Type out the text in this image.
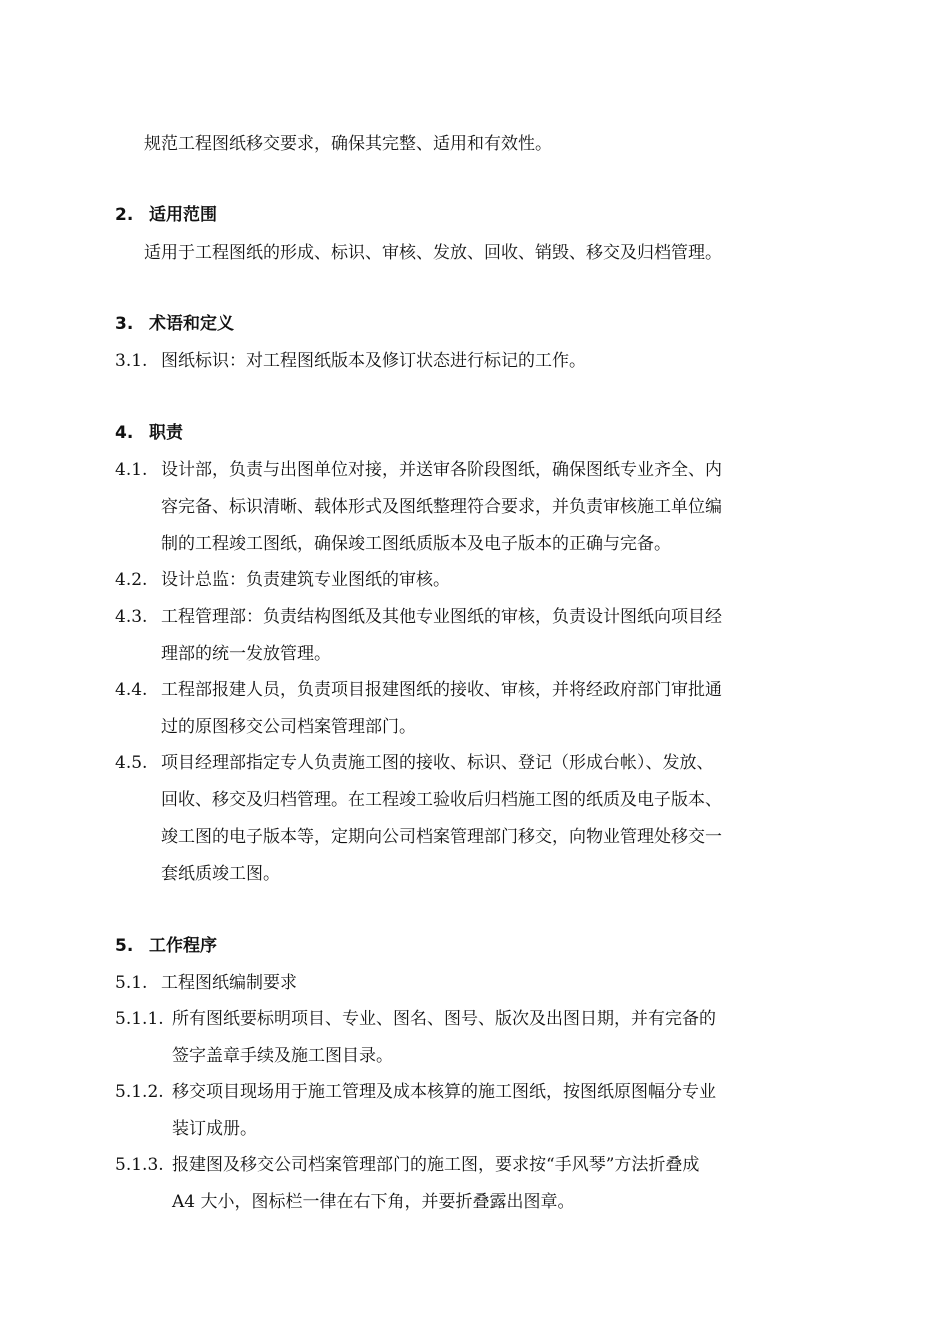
规范工程图纸移交要求，确保其完整、适用和有效性。
2. 适用范围
适用于工程图纸的形成、标识、审核、发放、回收、销毁、移交及归档管理。
3. 术语和定义
3.1. 图纸标识：对工程图纸版本及修订状态进行标记的工作。
4. 职责
4.1. 设计部，负责与出图单位对接，并送审各阶段图纸，确保图纸专业齐全、内
容完备、标识清晰、载体形式及图纸整理符合要求，并负责审核施工单位编
制的工程竣工图纸，确保竣工图纸质版本及电子版本的正确与完备。
4.2. 设计总监：负责建筑专业图纸的审核。
4.3. 工程管理部：负责结构图纸及其他专业图纸的审核，负责设计图纸向项目经
理部的统一发放管理。
4.4. 工程部报建人员，负责项目报建图纸的接收、审核，并将经政府部门审批通
过的原图移交公司档案管理部门。
4.5. 项目经理部指定专人负责施工图的接收、标识、登记（形成台帐）、发放、
回收、移交及归档管理。在工程竣工验收后归档施工图的纸质及电子版本、
竣工图的电子版本等，定期向公司档案管理部门移交，向物业管理处移交一
套纸质竣工图。
5. 工作程序
5.1. 工程图纸编制要求
5.1.1. 所有图纸要标明项目、专业、图名、图号、版次及出图日期，并有完备的
签字盖章手续及施工图目录。
5.1.2. 移交项目现场用于施工管理及成本核算的施工图纸，按图纸原图幅分专业
装订成册。
5.1.3. 报建图及移交公司档案管理部门的施工图，要求按“手风琴”方法折叠成
A4 大小，图标栏一律在右下角，并要折叠露出图章。
